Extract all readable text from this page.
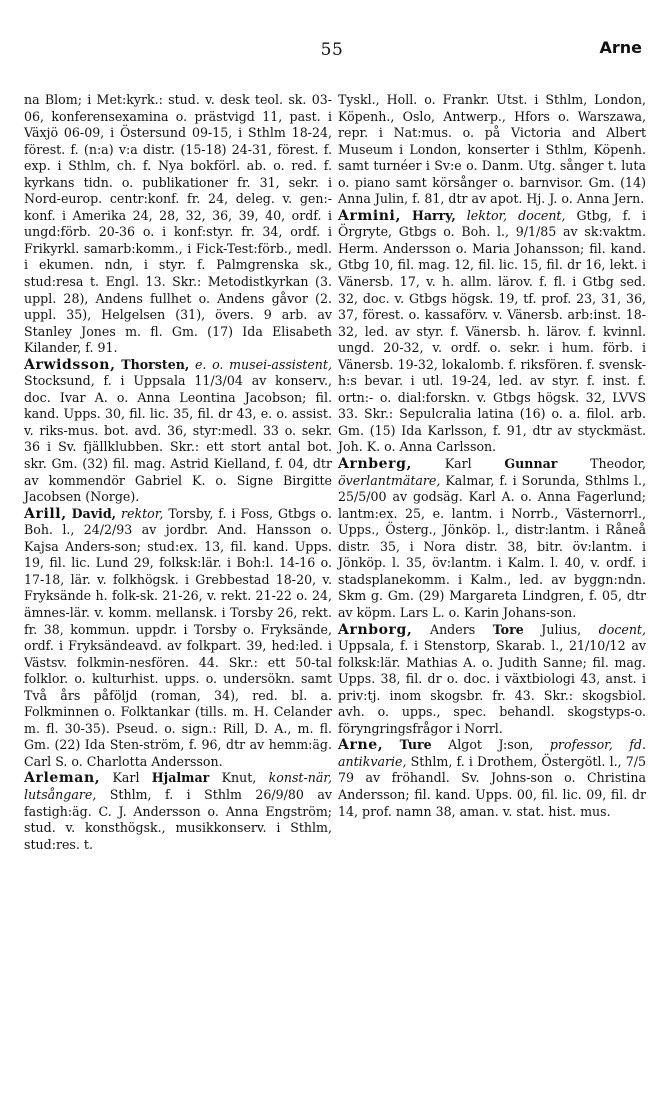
55	Arne

na Blom; i Met:kyrk.: stud. v. desk teol. sk. 03-06, konferensexamina o. prästvigd 11, past. i Växjö 06-09, i Östersund 09-15, i Sthlm 18-24, förest. f. (n:a) v:a distr. (15-18) 24-31, förest. f. exp. i Sthlm, ch. f. Nya bokförl. ab. o. red. f. kyrkans tidn. o. publikationer fr. 31, sekr. i Nord-europ. centr:konf. fr. 24, deleg. v. gen:-konf. i Amerika 24, 28, 32, 36, 39, 40, ordf. i ungd:förb. 20-36 o. i konf:styr. fr. 34, ordf. i Frikyrkl. samarb:komm., i Fick-Test:förb., medl. i ekumen. ndn, i styr. f. Palmgrenska sk., stud:resa t. Engl. 13. Skr.: Metodistkyrkan (3. uppl. 28), Andens fullhet o. Andens gåvor (2. uppl. 35), Helgelsen (31), övers. 9 arb. av Stanley Jones m. fl. Gm. (17) Ida Elisabeth Kilander, f. 91.

Arwidsson, Thorsten, e. o. musei-assistent, Stocksund, f. i Uppsala 11/3/04 av konserv., doc. Ivar A. o. Anna Leontina Jacobson; fil. kand. Upps. 30, fil. lic. 35, fil. dr 43, e. o. assist. v. riks-mus. bot. avd. 36, styr:medl. 33 o. sekr. 36 i Sv. fjällklubben. Skr.: ett stort antal bot. skr. Gm. (32) fil. mag. Astrid Kielland, f. 04, dtr av kommendör Gabriel K. o. Signe Birgitte Jacobsen (Norge).

Arill, David, rektor, Torsby, f. i Foss, Gtbgs o. Boh. l., 24/2/93 av jordbr. And. Hansson o. Kajsa Anders-son; stud:ex. 13, fil. kand. Upps. 19, fil. lic. Lund 29, folksk:lär. i Boh:l. 14-16 o. 17-18, lär. v. folkhögsk. i Grebbestad 18-20, v. Fryksände h. folk-sk. 21-26, v. rekt. 21-22 o. 24, ämnes-lär. v. komm. mellansk. i Torsby 26, rekt. fr. 38, kommun. uppdr. i Torsby o. Fryksände, ordf. i Fryksändeavd. av folkpart. 39, hed:led. i Västsv. folkmin-nesfören. 44. Skr.: ett 50-tal folklor. o. kulturhist. upps. o. undersökn. samt Två års påföljd (roman, 34), red. bl. a. Folkminnen o. Folktankar (tills. m. H. Celander m. fl. 30-35). Pseud. o. sign.: Rill, D. A., m. fl. Gm. (22) Ida Sten-ström, f. 96, dtr av hemm:äg. Carl S. o. Charlotta Andersson.

Arleman, Karl Hjalmar Knut, konst-när, lutsångare, Sthlm, f. i Sthlm 26/9/80 av fastigh:äg. C. J. Andersson o. Anna Engström; stud. v. konsthögsk., musikkonserv. i Sthlm, stud:res. t.

Tyskl., Holl. o. Frankr. Utst. i Sthlm, London, Köpenh., Oslo, Antwerp., Hfors o. Warszawa, repr. i Nat:mus. o. på Victoria and Albert Museum i London, konserter i Sthlm, Köpenh. samt turnéer i Sv:e o. Danm. Utg. sånger t. luta o. piano samt körsånger o. barnvisor. Gm. (14) Anna Julin, f. 81, dtr av apot. Hj. J. o. Anna Jern.

Armini, Harry, lektor, docent, Gtbg, f. i Örgryte, Gtbgs o. Boh. l., 9/1/85 av sk:vaktm. Herm. Andersson o. Maria Johansson; fil. kand. Gtbg 10, fil. mag. 12, fil. lic. 15, fil. dr 16, lekt. i Vänersb. 17, v. h. allm. lärov. f. fl. i Gtbg sed. 32, doc. v. Gtbgs högsk. 19, tf. prof. 23, 31, 36, 37, förest. o. kassaförv. v. Vänersb. arb:inst. 18-32, led. av styr. f. Vänersb. h. lärov. f. kvinnl. ungd. 20-32, v. ordf. o. sekr. i hum. förb. i Vänersb. 19-32, lokalomb. f. riksfören. f. svensk-h:s bevar. i utl. 19-24, led. av styr. f. inst. f. ortn:- o. dial:forskn. v. Gtbgs högsk. 32, LVVS 33. Skr.: Sepulcralia latina (16) o. a. filol. arb. Gm. (15) Ida Karlsson, f. 91, dtr av styckmäst. Joh. K. o. Anna Carlsson.

Arnberg,	Karl Gunnar Theodor, överlantmätare, Kalmar, f. i Sorunda, Sthlms l., 25/5/00 av godsäg. Karl A. o. Anna Fagerlund; lantm:ex. 25, e. lantm. i Norrb., Västernorrl., Upps., Österg., Jönköp. l., distr:lantm. i Råneå distr. 35, i Nora distr. 38, bitr. öv:lantm. i Jönköp. l. 35, öv:lantm. i Kalm. l. 40, v. ordf. i stadsplanekomm. i Kalm., led. av byggn:ndn. Skm g. Gm. (29) Margareta Lindgren, f. 05, dtr av köpm. Lars L. o. Karin Johans-son.

Arnborg, Anders Tore Julius, docent, Uppsala, f. i Stenstorp, Skarab. l., 21/10/12 av folksk:lär. Mathias A. o. Judith Sanne; fil. mag. Upps. 38, fil. dr o. doc. i växtbiologi 43, anst. i priv:tj. inom skogsbr. fr. 43. Skr.: skogsbiol. avh. o. upps., spec. behandl. skogstyps-o. föryngringsfrågor i Norrl.

Arne, Ture Algot J:son, professor, fd. antikvarie, Sthlm, f. i Drothem, Östergötl. l., 7/5 79 av fröhandl. Sv. Johns-son o. Christina Andersson; fil. kand. Upps. 00, fil. lic. 09, fil. dr 14, prof. namn 38, aman. v. stat. hist. mus.
